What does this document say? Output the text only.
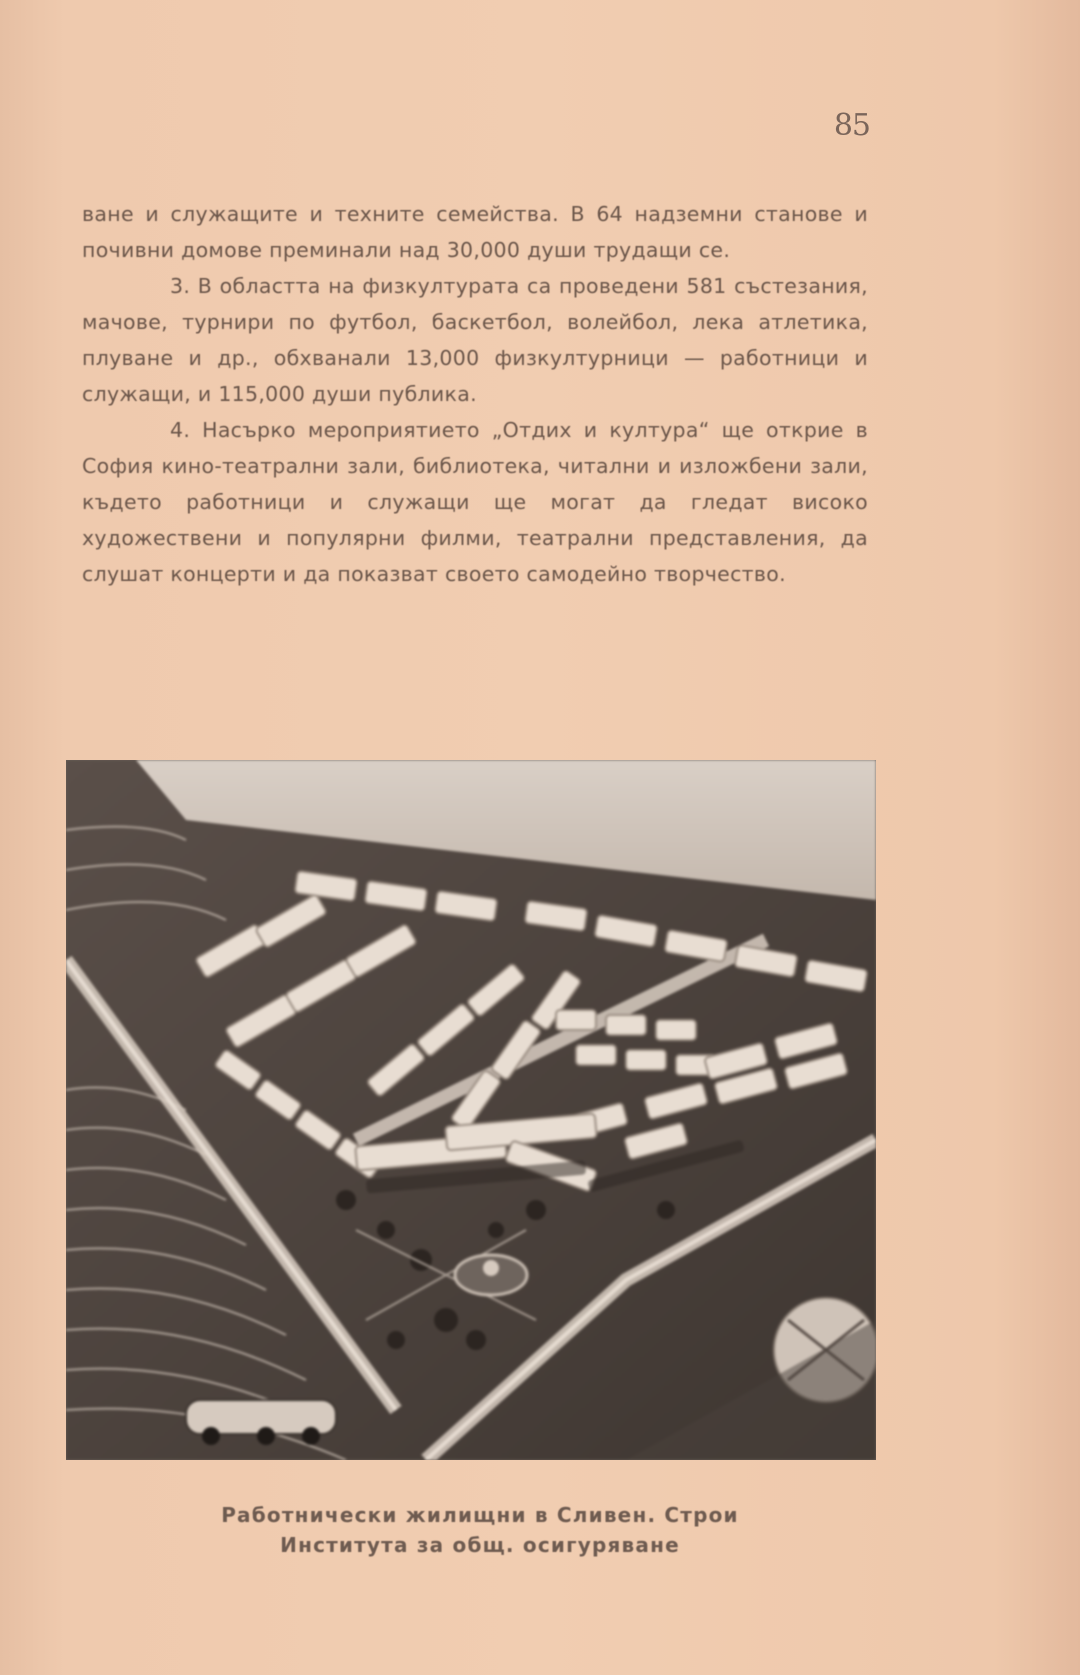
85

ване и служащите и техните семейства. В 64 надземни станове и почивни домове преминали над 30,000 души трудащи се.

3. В областта на физкултурата са проведени 581 състезания, мачове, турнири по футбол, баскетбол, волейбол, лека атлетика, плуване и др., обхванали 13,000 физкултурници — работници и служащи, и 115,000 души публика.

4. Насърко мероприятието „Отдих и култура“ ще открие в София кино-театрални зали, библиотека, читални и изложбени зали, където работници и служащи ще могат да гледат високо художествени и популярни филми, театрални представления, да слушат концерти и да показват своето самодейно творчество.

Работнически жилищни в Сливен. Строи
Института за общ. осигуряване
